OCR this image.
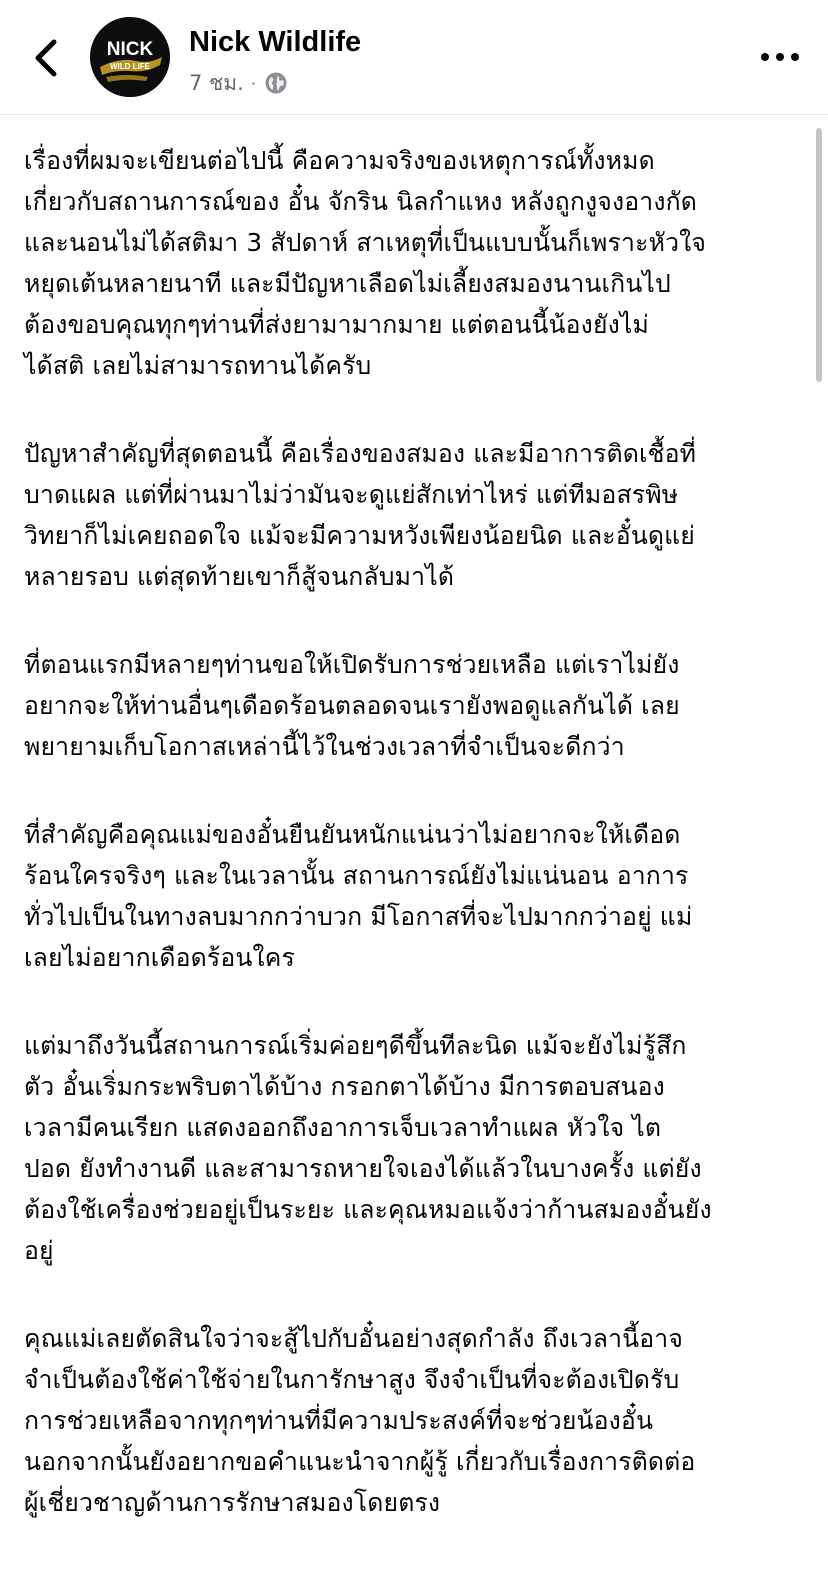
NICK
WILD LIFE
Nick Wildlife
7 ชม. ·

เรื่องที่ผมจะเขียนต่อไปนี้ คือความจริงของเหตุการณ์ทั้งหมด
เกี่ยวกับสถานการณ์ของ อั๋น จักริน นิลกำแหง หลังถูกงูจงอางกัด
และนอนไม่ได้สติมา 3 สัปดาห์ สาเหตุที่เป็นแบบนั้นก็เพราะหัวใจ
หยุดเต้นหลายนาที และมีปัญหาเลือดไม่เลี้ยงสมองนานเกินไป
ต้องขอบคุณทุกๆท่านที่ส่งยามามากมาย แต่ตอนนี้น้องยังไม่
ได้สติ เลยไม่สามารถทานได้ครับ

ปัญหาสำคัญที่สุดตอนนี้ คือเรื่องของสมอง และมีอาการติดเชื้อที่
บาดแผล แต่ที่ผ่านมาไม่ว่ามันจะดูแย่สักเท่าไหร่ แต่ทีมอสรพิษ
วิทยาก็ไม่เคยถอดใจ แม้จะมีความหวังเพียงน้อยนิด และอั๋นดูแย่
หลายรอบ แต่สุดท้ายเขาก็สู้จนกลับมาได้

ที่ตอนแรกมีหลายๆท่านขอให้เปิดรับการช่วยเหลือ แต่เราไม่ยัง
อยากจะให้ท่านอื่นๆเดือดร้อนตลอดจนเรายังพอดูแลกันได้ เลย
พยายามเก็บโอกาสเหล่านี้ไว้ในช่วงเวลาที่จำเป็นจะดีกว่า

ที่สำคัญคือคุณแม่ของอั๋นยืนยันหนักแน่นว่าไม่อยากจะให้เดือด
ร้อนใครจริงๆ และในเวลานั้น สถานการณ์ยังไม่แน่นอน อาการ
ทั่วไปเป็นในทางลบมากกว่าบวก มีโอกาสที่จะไปมากกว่าอยู่ แม่
เลยไม่อยากเดือดร้อนใคร

แต่มาถึงวันนี้สถานการณ์เริ่มค่อยๆดีขึ้นทีละนิด แม้จะยังไม่รู้สึก
ตัว อั๋นเริ่มกระพริบตาได้บ้าง กรอกตาได้บ้าง มีการตอบสนอง
เวลามีคนเรียก แสดงออกถึงอาการเจ็บเวลาทำแผล หัวใจ ไต
ปอด ยังทำงานดี และสามารถหายใจเองได้แล้วในบางครั้ง แต่ยัง
ต้องใช้เครื่องช่วยอยู่เป็นระยะ และคุณหมอแจ้งว่าก้านสมองอั๋นยัง
อยู่

คุณแม่เลยตัดสินใจว่าจะสู้ไปกับอั๋นอย่างสุดกำลัง ถึงเวลานี้อาจ
จำเป็นต้องใช้ค่าใช้จ่ายในการักษาสูง จึงจำเป็นที่จะต้องเปิดรับ
การช่วยเหลือจากทุกๆท่านที่มีความประสงค์ที่จะช่วยน้องอั๋น
นอกจากนั้นยังอยากขอคำแนะนำจากผู้รู้ เกี่ยวกับเรื่องการติดต่อ
ผู้เชี่ยวชาญด้านการรักษาสมองโดยตรง
